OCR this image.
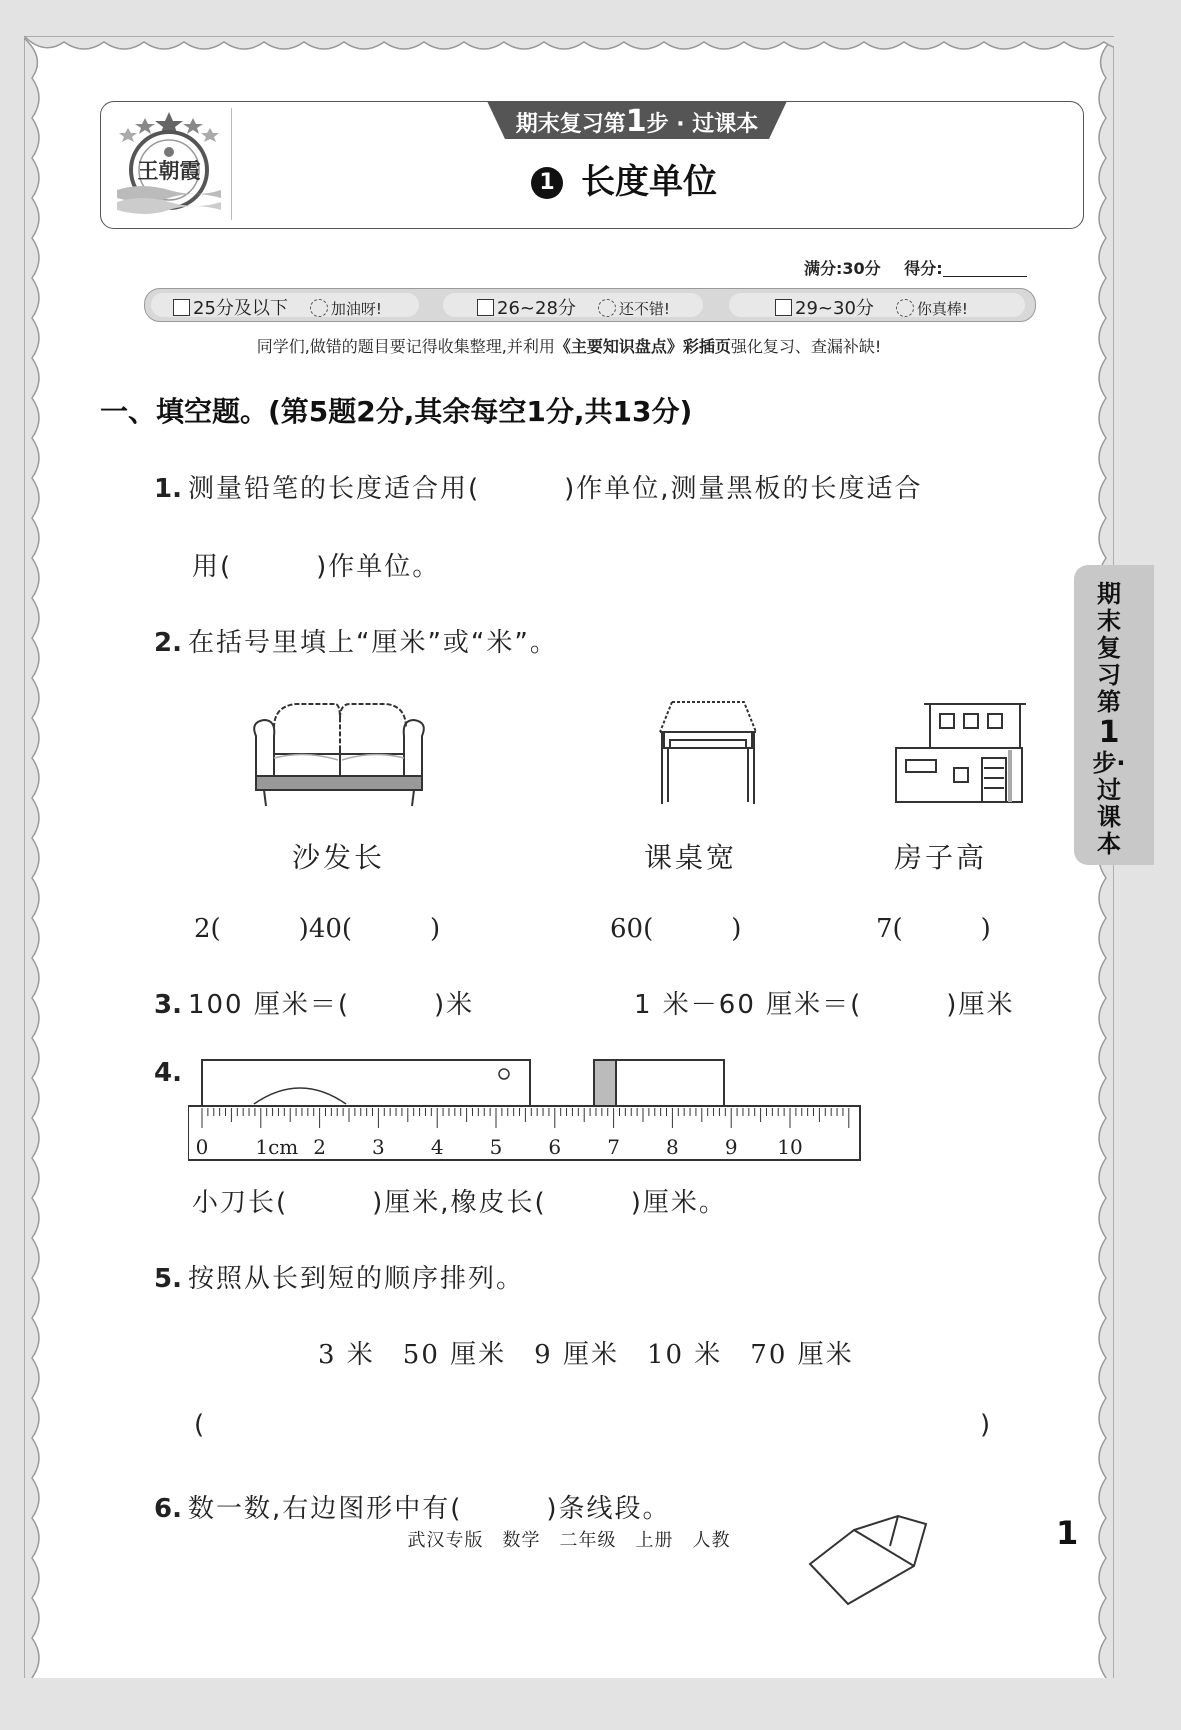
王朝霞
期末复习第1步 · 过课本
1 长度单位
满分:30分 得分:
25分及以下	加油呀!	26~28分	还不错!	29~30分	你真棒!
同学们,做错的题目要记得收集整理,并利用《主要知识盘点》彩插页强化复习、查漏补缺!
一、填空题。(第5题2分,其余每空1分,共13分)
1. 测量铅笔的长度适合用(　　　)作单位,测量黑板的长度适合
用(　　　)作单位。
2. 在括号里填上“厘米”或“米”。
沙发长	课桌宽	房子高
2(　　　)40(　　　)	60(　　　)	7(　　　)
3. 100 厘米＝(　　　)米	1 米－60 厘米＝(　　　)厘米
4.
0 1cm 2 3 4 5 6 7 8 9 10
小刀长(　　　)厘米,橡皮长(　　　)厘米。
5. 按照从长到短的顺序排列。
3 米　50 厘米　9 厘米　10 米　70 厘米
(	)
6. 数一数,右边图形中有(　　　)条线段。
武汉专版　数学　二年级　上册　人教	1
期末复习第
1
步·过课本
